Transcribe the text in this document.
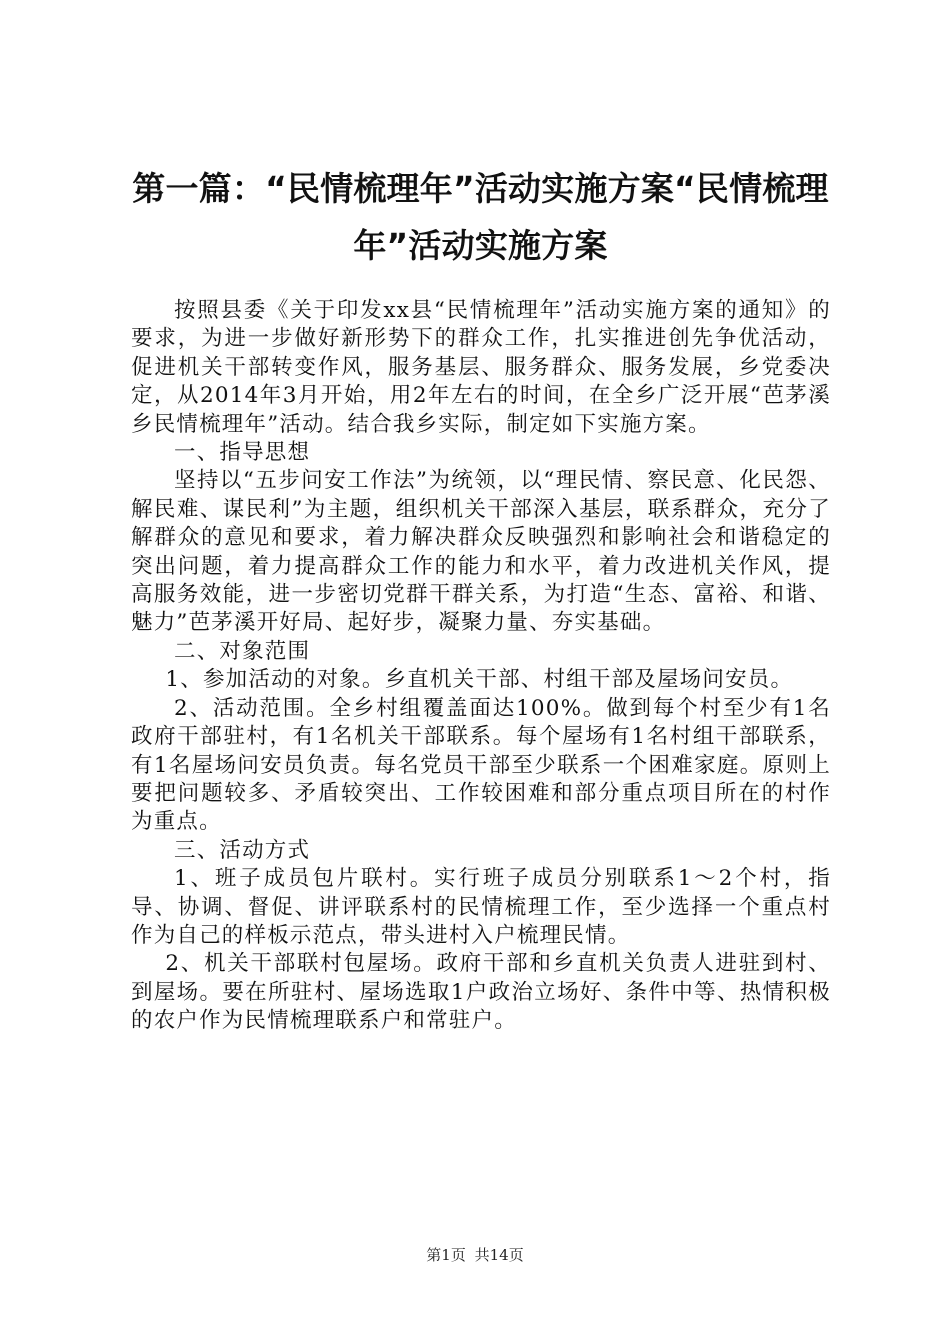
第一篇：“民情梳理年”活动实施方案“民情梳理年”活动实施方案

按照县委《关于印发xx县“民情梳理年”活动实施方案的通知》的要求，为进一步做好新形势下的群众工作，扎实推进创先争优活动，促进机关干部转变作风，服务基层、服务群众、服务发展，乡党委决定，从2014年3月开始，用2年左右的时间，在全乡广泛开展“芭茅溪乡民情梳理年”活动。结合我乡实际，制定如下实施方案。

一、指导思想

坚持以“五步问安工作法”为统领，以“理民情、察民意、化民怨、解民难、谋民利”为主题，组织机关干部深入基层，联系群众，充分了解群众的意见和要求，着力解决群众反映强烈和影响社会和谐稳定的突出问题，着力提高群众工作的能力和水平，着力改进机关作风，提高服务效能，进一步密切党群干群关系，为打造“生态、富裕、和谐、魅力”芭茅溪开好局、起好步，凝聚力量、夯实基础。

二、对象范围

1、参加活动的对象。乡直机关干部、村组干部及屋场问安员。

2、活动范围。全乡村组覆盖面达100%。做到每个村至少有1名政府干部驻村，有1名机关干部联系。每个屋场有1名村组干部联系，有1名屋场问安员负责。每名党员干部至少联系一个困难家庭。原则上要把问题较多、矛盾较突出、工作较困难和部分重点项目所在的村作为重点。

三、活动方式

1、班子成员包片联村。实行班子成员分别联系1～2个村，指导、协调、督促、讲评联系村的民情梳理工作，至少选择一个重点村作为自己的样板示范点，带头进村入户梳理民情。

2、机关干部联村包屋场。政府干部和乡直机关负责人进驻到村、到屋场。要在所驻村、屋场选取1户政治立场好、条件中等、热情积极的农户作为民情梳理联系户和常驻户。

第1页 共14页
